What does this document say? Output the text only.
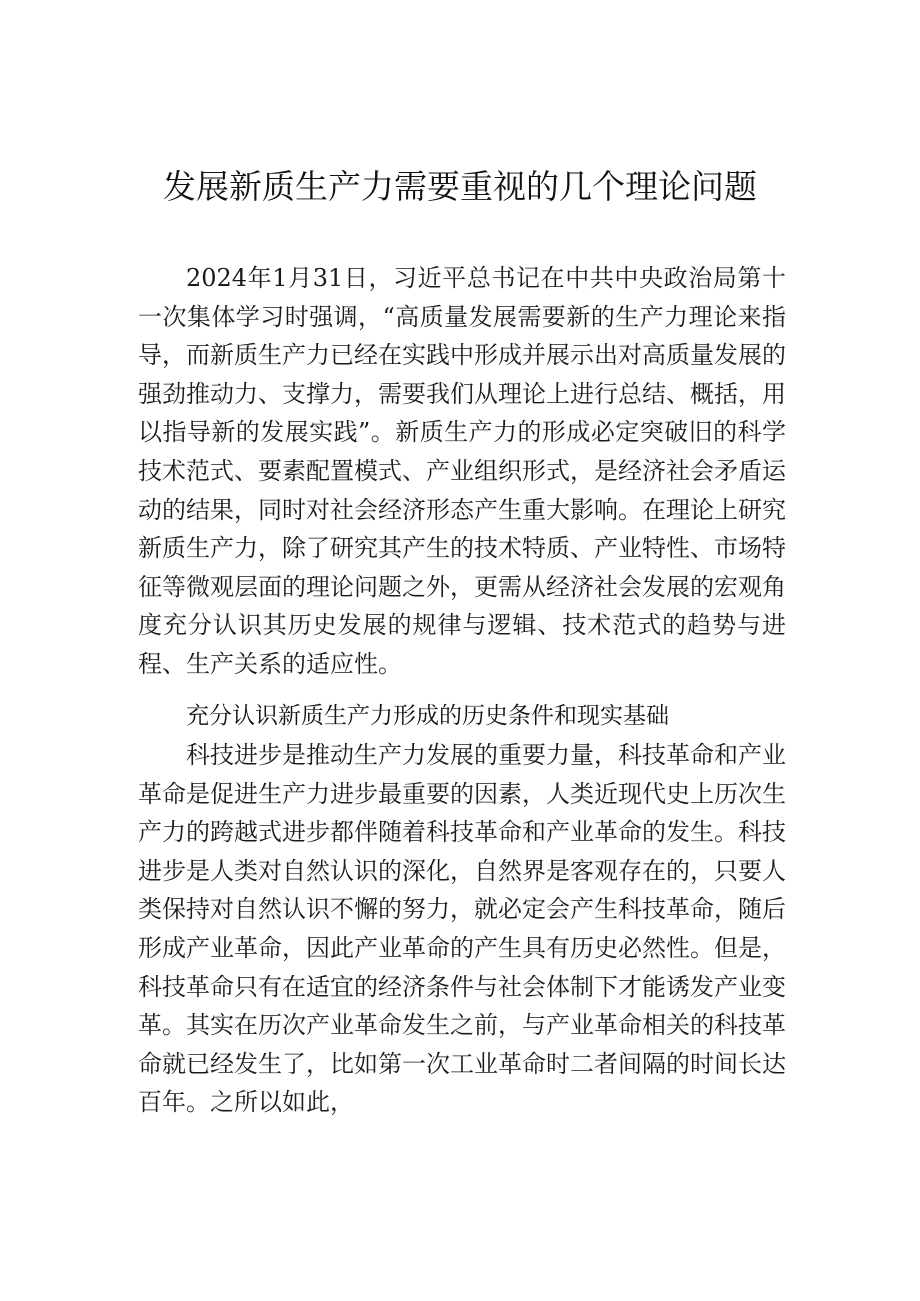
发展新质生产力需要重视的几个理论问题

2024年1月31日，习近平总书记在中共中央政治局第十一次集体学习时强调，“高质量发展需要新的生产力理论来指导，而新质生产力已经在实践中形成并展示出对高质量发展的强劲推动力、支撑力，需要我们从理论上进行总结、概括，用以指导新的发展实践”。新质生产力的形成必定突破旧的科学技术范式、要素配置模式、产业组织形式，是经济社会矛盾运动的结果，同时对社会经济形态产生重大影响。在理论上研究新质生产力，除了研究其产生的技术特质、产业特性、市场特征等微观层面的理论问题之外，更需从经济社会发展的宏观角度充分认识其历史发展的规律与逻辑、技术范式的趋势与进程、生产关系的适应性。

充分认识新质生产力形成的历史条件和现实基础

科技进步是推动生产力发展的重要力量，科技革命和产业革命是促进生产力进步最重要的因素，人类近现代史上历次生产力的跨越式进步都伴随着科技革命和产业革命的发生。科技进步是人类对自然认识的深化，自然界是客观存在的，只要人类保持对自然认识不懈的努力，就必定会产生科技革命，随后形成产业革命，因此产业革命的产生具有历史必然性。但是，科技革命只有在适宜的经济条件与社会体制下才能诱发产业变革。其实在历次产业革命发生之前，与产业革命相关的科技革命就已经发生了，比如第一次工业革命时二者间隔的时间长达百年。之所以如此，
